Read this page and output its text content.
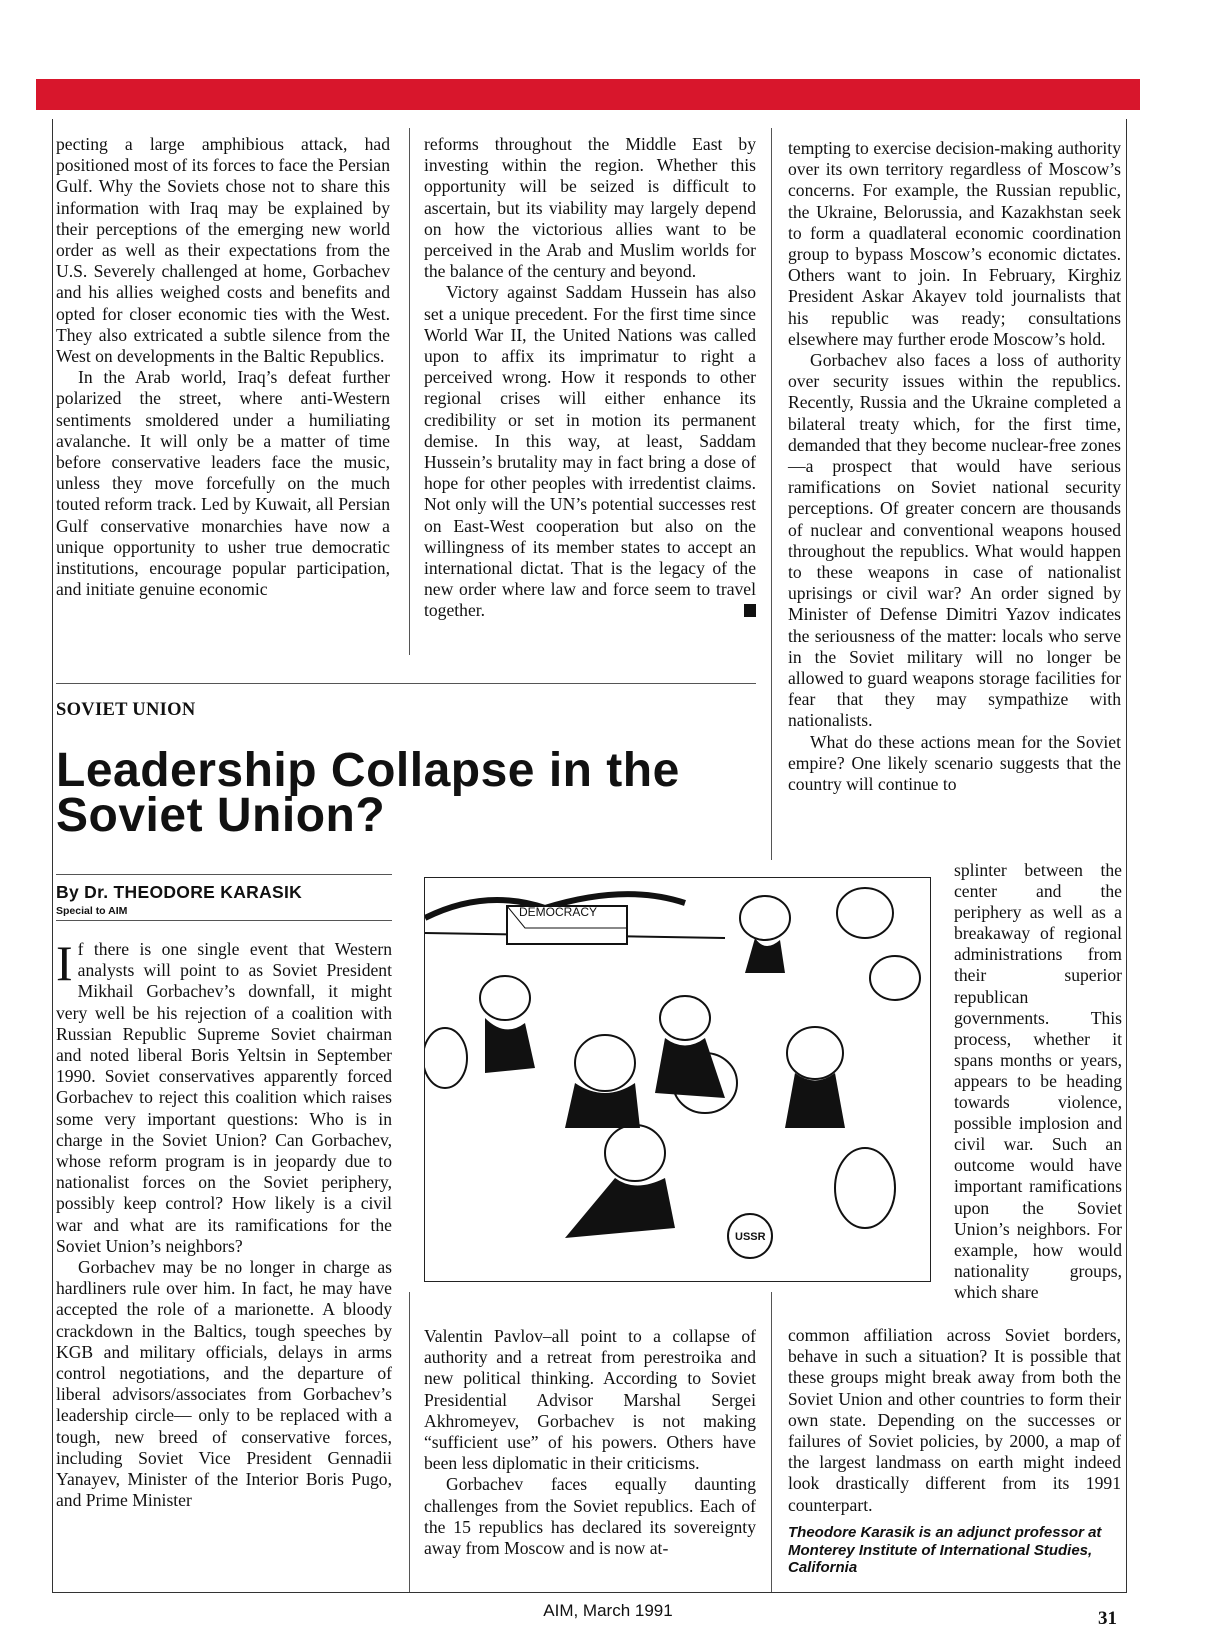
pecting a large amphibious attack, had positioned most of its forces to face the Persian Gulf. Why the Soviets chose not to share this information with Iraq may be explained by their perceptions of the emerging new world order as well as their expectations from the U.S. Severely challenged at home, Gorbachev and his allies weighed costs and benefits and opted for closer economic ties with the West. They also extricated a subtle silence from the West on developments in the Baltic Republics.

In the Arab world, Iraq’s defeat further polarized the street, where anti-Western sentiments smoldered under a humiliating avalanche. It will only be a matter of time before conservative leaders face the music, unless they move forcefully on the much touted reform track. Led by Kuwait, all Persian Gulf conservative monarchies have now a unique opportunity to usher true democratic institutions, encourage popular participation, and initiate genuine economic

reforms throughout the Middle East by investing within the region. Whether this opportunity will be seized is difficult to ascertain, but its viability may largely depend on how the victorious allies want to be perceived in the Arab and Muslim worlds for the balance of the century and beyond.

Victory against Saddam Hussein has also set a unique precedent. For the first time since World War II, the United Nations was called upon to affix its imprimatur to right a perceived wrong. How it responds to other regional crises will either enhance its credibility or set in motion its permanent demise. In this way, at least, Saddam Hussein’s brutality may in fact bring a dose of hope for other peoples with irredentist claims. Not only will the UN’s potential successes rest on East-West cooperation but also on the willingness of its member states to accept an international dictat. That is the legacy of the new order where law and force seem to travel together.

SOVIET UNION
Leadership Collapse in the Soviet Union?
By Dr. THEODORE KARASIK
Special to AIM

If there is one single event that Western analysts will point to as Soviet President Mikhail Gorbachev’s downfall, it might very well be his rejection of a coalition with Russian Republic Supreme Soviet chairman and noted liberal Boris Yeltsin in September 1990. Soviet conservatives apparently forced Gorbachev to reject this coalition which raises some very important questions: Who is in charge in the Soviet Union? Can Gorbachev, whose reform program is in jeopardy due to nationalist forces on the Soviet periphery, possibly keep control? How likely is a civil war and what are its ramifications for the Soviet Union’s neighbors?

Gorbachev may be no longer in charge as hardliners rule over him. In fact, he may have accepted the role of a marionette. A bloody crackdown in the Baltics, tough speeches by KGB and military officials, delays in arms control negotiations, and the departure of liberal advisors/associates from Gorbachev’s leadership circle— only to be replaced with a tough, new breed of conservative forces, including Soviet Vice President Gennadii Yanayev, Minister of the Interior Boris Pugo, and Prime Minister

DEMOCRACY
USSR

Valentin Pavlov–all point to a collapse of authority and a retreat from perestroika and new political thinking. According to Soviet Presidential Advisor Marshal Sergei Akhromeyev, Gorbachev is not making “sufficient use” of his powers. Others have been less diplomatic in their criticisms.

Gorbachev faces equally daunting challenges from the Soviet republics. Each of the 15 republics has declared its sovereignty away from Moscow and is now at-

tempting to exercise decision-making authority over its own territory regardless of Moscow’s concerns. For example, the Russian republic, the Ukraine, Belorussia, and Kazakhstan seek to form a quadlateral economic coordination group to bypass Moscow’s economic dictates. Others want to join. In February, Kirghiz President Askar Akayev told journalists that his republic was ready; consultations elsewhere may further erode Moscow’s hold.

Gorbachev also faces a loss of authority over security issues within the republics. Recently, Russia and the Ukraine completed a bilateral treaty which, for the first time, demanded that they become nuclear-free zones—a prospect that would have serious ramifications on Soviet national security perceptions. Of greater concern are thousands of nuclear and conventional weapons housed throughout the republics. What would happen to these weapons in case of nationalist uprisings or civil war? An order signed by Minister of Defense Dimitri Yazov indicates the seriousness of the matter: locals who serve in the Soviet military will no longer be allowed to guard weapons storage facilities for fear that they may sympathize with nationalists.

What do these actions mean for the Soviet empire? One likely scenario suggests that the country will continue to

splinter between the center and the periphery as well as a breakaway of regional administrations from their superior republican governments. This process, whether it spans months or years, appears to be heading towards violence, possible implosion and civil war. Such an outcome would have important ramifications upon the Soviet Union’s neighbors. For example, how would nationality groups, which share

common affiliation across Soviet borders, behave in such a situation? It is possible that these groups might break away from both the Soviet Union and other countries to form their own state. Depending on the successes or failures of Soviet policies, by 2000, a map of the largest landmass on earth might indeed look drastically different from its 1991 counterpart.

Theodore Karasik is an adjunct professor at Monterey Institute of International Studies, California
AIM, March 1991	31
